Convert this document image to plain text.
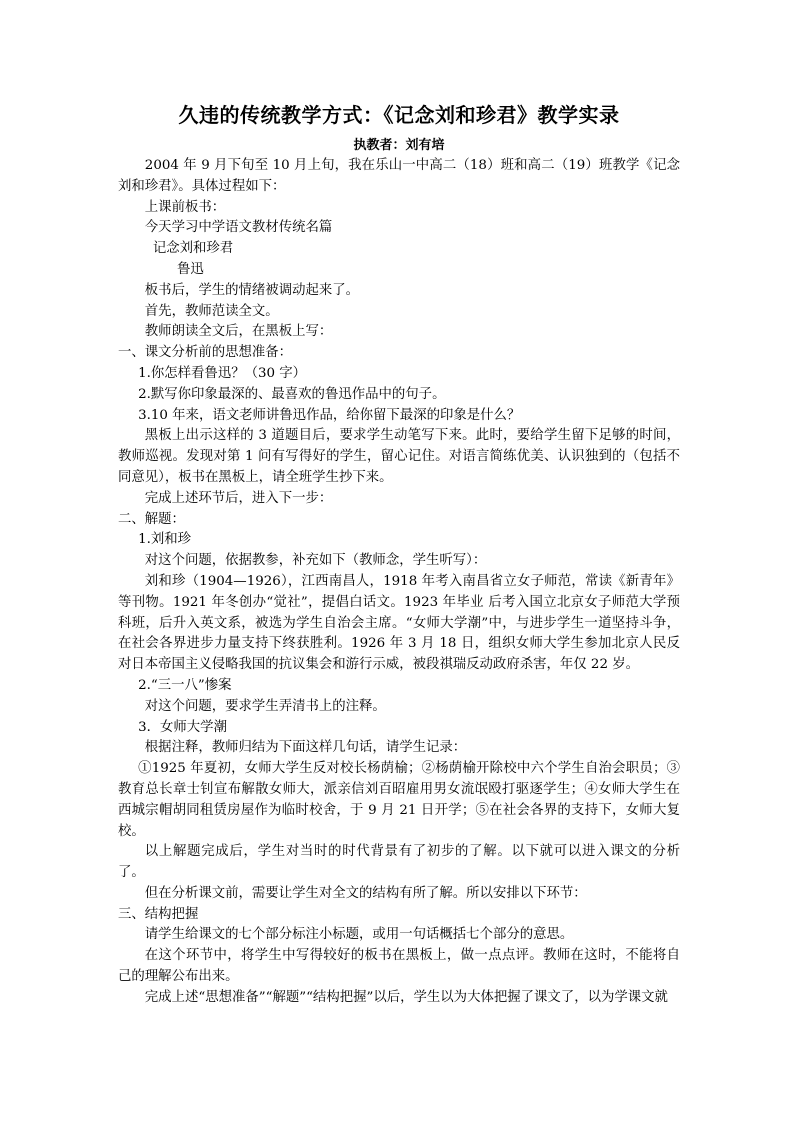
久违的传统教学方式：《记念刘和珍君》教学实录
执教者：刘有培

2004 年 9 月下旬至 10 月上旬，我在乐山一中高二（18）班和高二（19）班教学《记念刘和珍君》。具体过程如下：

上课前板书：

今天学习中学语文教材传统名篇

记念刘和珍君

鲁迅

板书后，学生的情绪被调动起来了。

首先，教师范读全文。

教师朗读全文后，在黑板上写：

一、课文分析前的思想准备：

1.你怎样看鲁迅？（30 字）

2.默写你印象最深的、最喜欢的鲁迅作品中的句子。

3.10 年来，语文老师讲鲁迅作品，给你留下最深的印象是什么？

黑板上出示这样的 3 道题目后，要求学生动笔写下来。此时，要给学生留下足够的时间，教师巡视。发现对第 1 问有写得好的学生，留心记住。对语言简练优美、认识独到的（包括不同意见），板书在黑板上，请全班学生抄下来。

完成上述环节后，进入下一步：

二、解题：

1.刘和珍

对这个问题，依据教参，补充如下（教师念，学生听写）：

刘和珍（1904—1926），江西南昌人，1918 年考入南昌省立女子师范，常读《新青年》等刊物。1921 年冬创办“觉社”，提倡白话文。1923 年毕业 后考入国立北京女子师范大学预科班，后升入英文系，被选为学生自治会主席。“女师大学潮”中，与进步学生一道坚持斗争，在社会各界进步力量支持下终获胜利。1926 年 3 月 18 日，组织女师大学生参加北京人民反对日本帝国主义侵略我国的抗议集会和游行示威，被段祺瑞反动政府杀害，年仅 22 岁。

2.“三一八”惨案

对这个问题，要求学生弄清书上的注释。

3．女师大学潮

根据注释，教师归结为下面这样几句话，请学生记录：

①1925 年夏初，女师大学生反对校长杨荫榆；②杨荫榆开除校中六个学生自治会职员；③教育总长章士钊宣布解散女师大，派亲信刘百昭雇用男女流氓殴打驱逐学生；④女师大学生在西城宗帽胡同租赁房屋作为临时校舍，于 9 月 21 日开学；⑤在社会各界的支持下，女师大复校。

以上解题完成后，学生对当时的时代背景有了初步的了解。以下就可以进入课文的分析了。

但在分析课文前，需要让学生对全文的结构有所了解。所以安排以下环节：

三、结构把握

请学生给课文的七个部分标注小标题，或用一句话概括七个部分的意思。

在这个环节中，将学生中写得较好的板书在黑板上，做一点点评。教师在这时，不能将自己的理解公布出来。

完成上述“思想准备”“解题”“结构把握”以后，学生以为大体把握了课文了，以为学课文就
